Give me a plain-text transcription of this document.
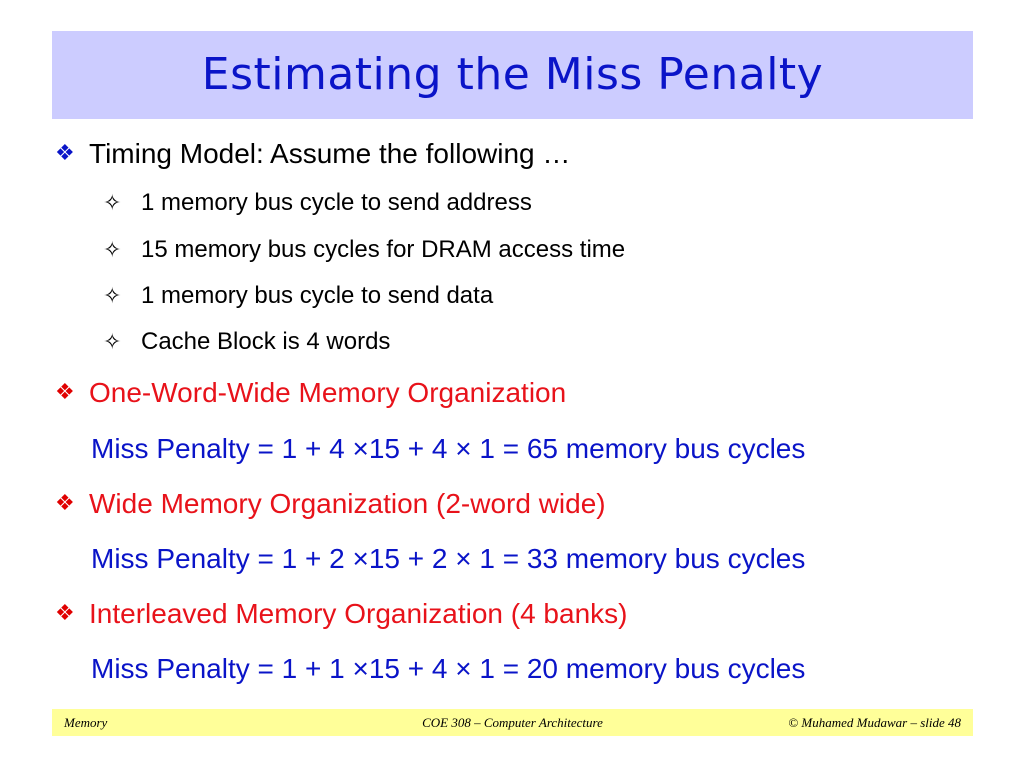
Estimating the Miss Penalty
❖ Timing Model: Assume the following …
✧ 1 memory bus cycle to send address
✧ 15 memory bus cycles for DRAM access time
✧ 1 memory bus cycle to send data
✧ Cache Block is 4 words
❖ One-Word-Wide Memory Organization
Miss Penalty = 1 + 4 ×15 + 4 × 1 = 65 memory bus cycles
❖ Wide Memory Organization (2-word wide)
Miss Penalty = 1 + 2 ×15 + 2 × 1 = 33 memory bus cycles
❖ Interleaved Memory Organization (4 banks)
Miss Penalty = 1 + 1 ×15 + 4 × 1 = 20 memory bus cycles
Memory	COE 308 – Computer Architecture	© Muhamed Mudawar – slide 48
